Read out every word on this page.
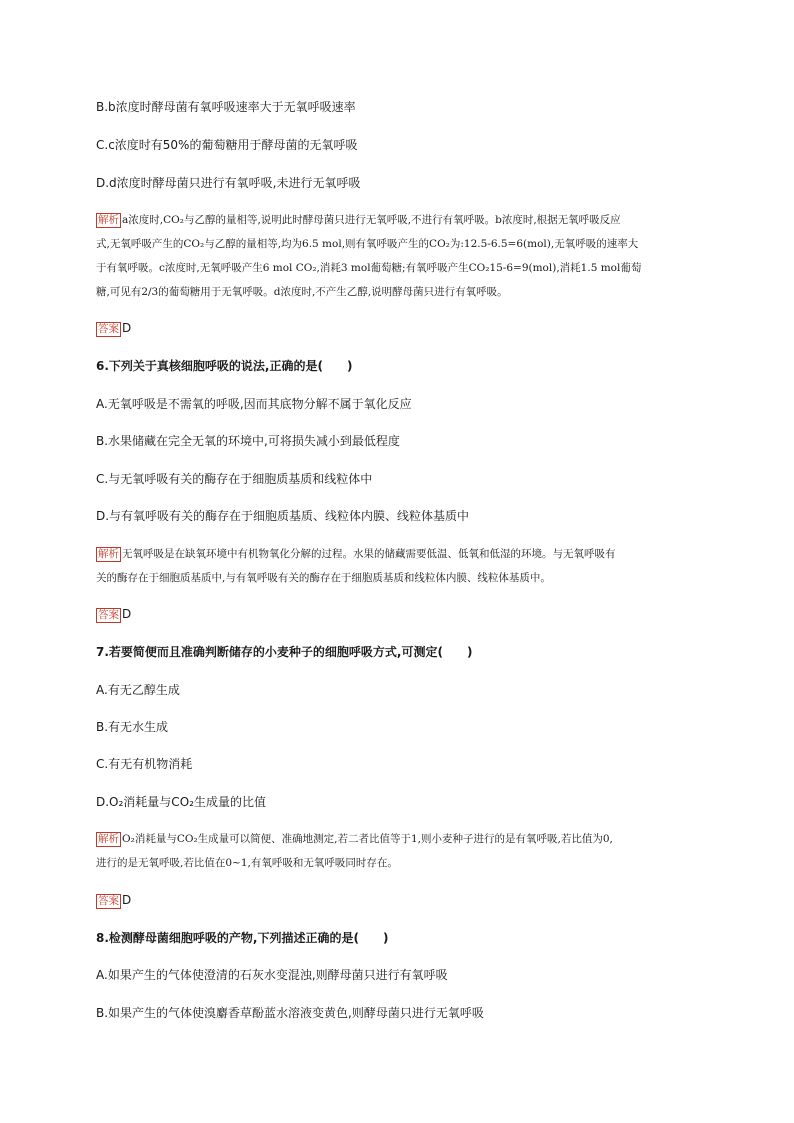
B.b浓度时酵母菌有氧呼吸速率大于无氧呼吸速率
C.c浓度时有50%的葡萄糖用于酵母菌的无氧呼吸
D.d浓度时酵母菌只进行有氧呼吸,未进行无氧呼吸
解析 a浓度时,CO₂与乙醇的量相等,说明此时酵母菌只进行无氧呼吸,不进行有氧呼吸。b浓度时,根据无氧呼吸反应
式,无氧呼吸产生的CO₂与乙醇的量相等,均为6.5 mol,则有氧呼吸产生的CO₂为:12.5-6.5=6(mol),无氧呼吸的速率大
于有氧呼吸。c浓度时,无氧呼吸产生6 mol CO₂,消耗3 mol葡萄糖;有氧呼吸产生CO₂15-6=9(mol),消耗1.5 mol葡萄
糖,可见有2/3的葡萄糖用于无氧呼吸。d浓度时,不产生乙醇,说明酵母菌只进行有氧呼吸。
答案 D
6.下列关于真核细胞呼吸的说法,正确的是(　　)
A.无氧呼吸是不需氧的呼吸,因而其底物分解不属于氧化反应
B.水果储藏在完全无氧的环境中,可将损失减小到最低程度
C.与无氧呼吸有关的酶存在于细胞质基质和线粒体中
D.与有氧呼吸有关的酶存在于细胞质基质、线粒体内膜、线粒体基质中
解析 无氧呼吸是在缺氧环境中有机物氧化分解的过程。水果的储藏需要低温、低氧和低湿的环境。与无氧呼吸有
关的酶存在于细胞质基质中,与有氧呼吸有关的酶存在于细胞质基质和线粒体内膜、线粒体基质中。
答案 D
7.若要简便而且准确判断储存的小麦种子的细胞呼吸方式,可测定(　　)
A.有无乙醇生成
B.有无水生成
C.有无有机物消耗
D.O₂消耗量与CO₂生成量的比值
解析 O₂消耗量与CO₂生成量可以简便、准确地测定,若二者比值等于1,则小麦种子进行的是有氧呼吸,若比值为0,
进行的是无氧呼吸,若比值在0~1,有氧呼吸和无氧呼吸同时存在。
答案 D
8.检测酵母菌细胞呼吸的产物,下列描述正确的是(　　)
A.如果产生的气体使澄清的石灰水变混浊,则酵母菌只进行有氧呼吸
B.如果产生的气体使溴麝香草酚蓝水溶液变黄色,则酵母菌只进行无氧呼吸
